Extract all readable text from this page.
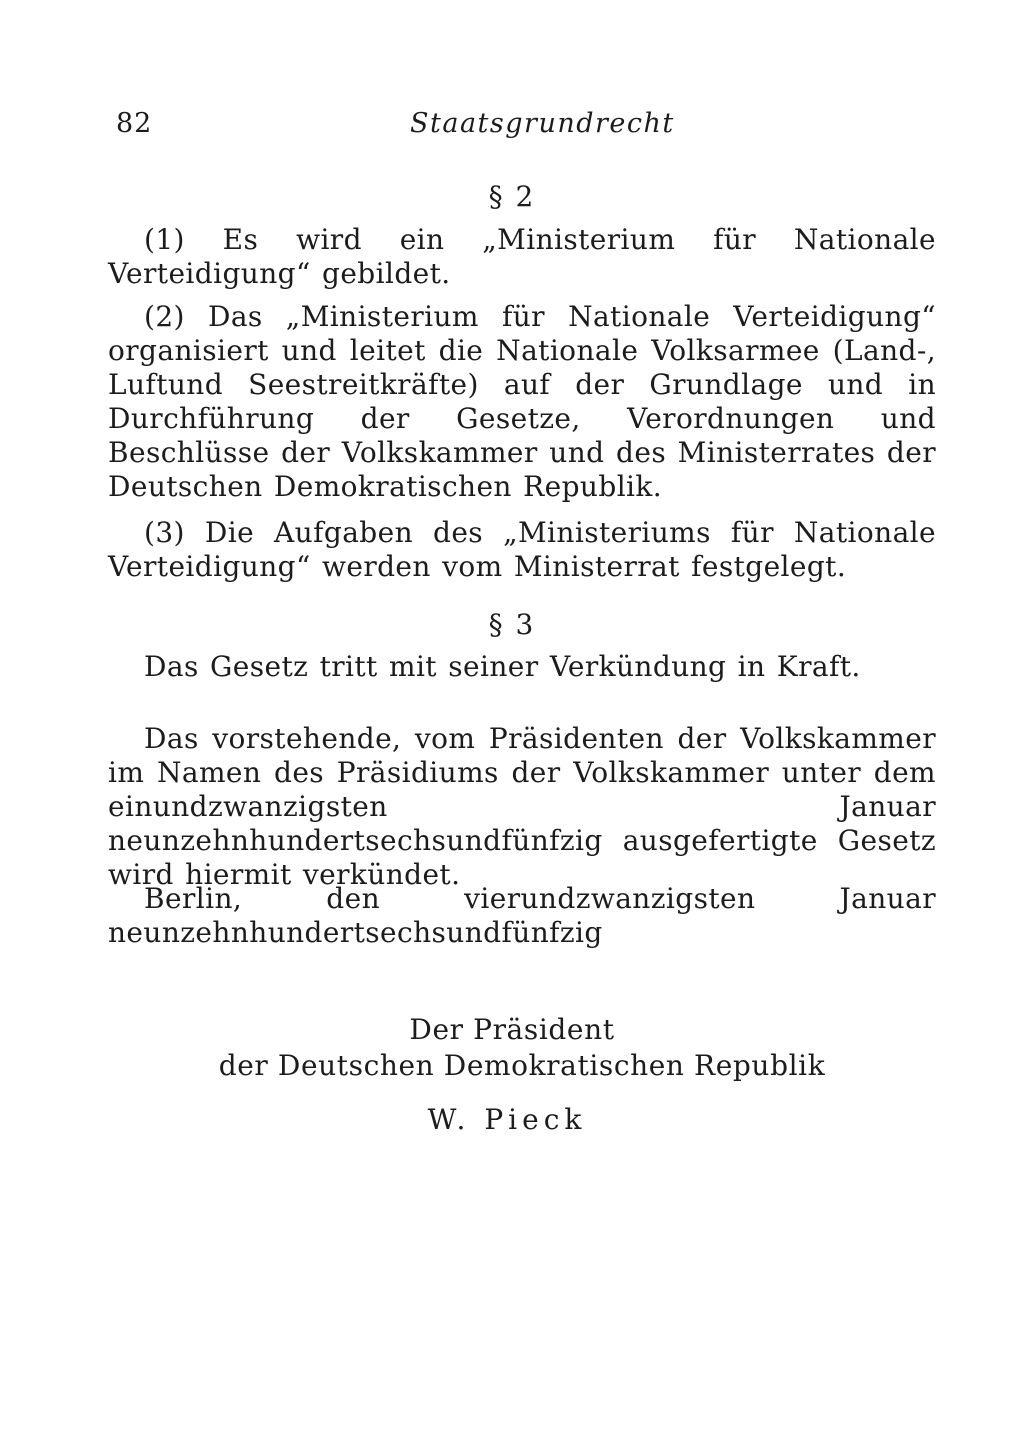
82	Staatsgrundrecht
§ 2

(1) Es wird ein „Ministerium für Nationale Verteidigung“ gebildet.

(2) Das „Ministerium für Nationale Verteidigung“ organisiert und leitet die Nationale Volksarmee (Land-, Luftund Seestreitkräfte) auf der Grundlage und in Durchführung der Gesetze, Verordnungen und Beschlüsse der Volkskammer und des Ministerrates der Deutschen Demokratischen Republik.

(3) Die Aufgaben des „Ministeriums für Nationale Verteidigung“ werden vom Ministerrat festgelegt.

§ 3

Das Gesetz tritt mit seiner Verkündung in Kraft.

Das vorstehende, vom Präsidenten der Volkskammer im Namen des Präsidiums der Volkskammer unter dem einundzwanzigsten Januar neunzehnhundertsechsundfünfzig ausgefertigte Gesetz wird hiermit verkündet.

Berlin, den vierundzwanzigsten Januar neunzehnhundertsechsundfünfzig

Der Präsident
der Deutschen Demokratischen Republik
W. Pieck
